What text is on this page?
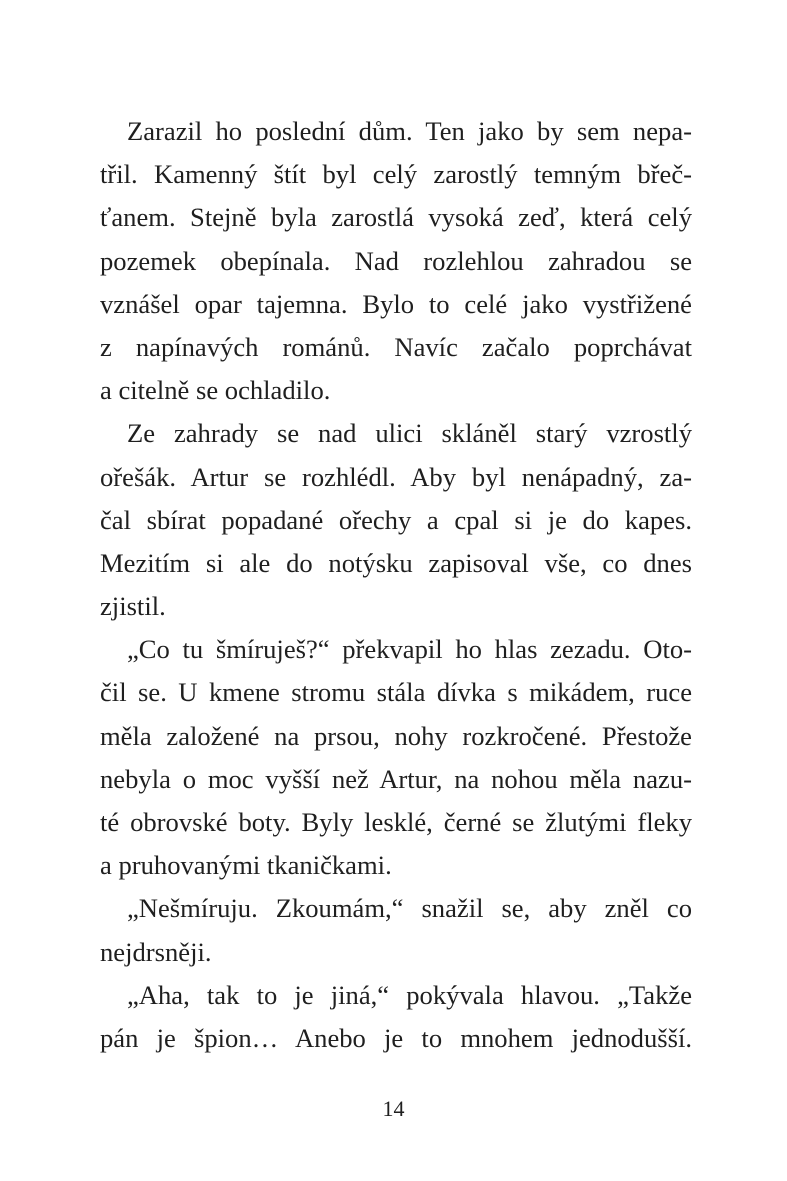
Zarazil ho poslední dům. Ten jako by sem nepa-
třil. Kamenný štít byl celý zarostlý temným břeč-
ťanem. Stejně byla zarostlá vysoká zeď, která celý
pozemek obepínala. Nad rozlehlou zahradou se
vznášel opar tajemna. Bylo to celé jako vystřižené
z napínavých románů. Navíc začalo poprchávat
a citelně se ochladilo.
Ze zahrady se nad ulici skláněl starý vzrostlý
ořešák. Artur se rozhlédl. Aby byl nenápadný, za-
čal sbírat popadané ořechy a cpal si je do kapes.
Mezitím si ale do notýsku zapisoval vše, co dnes
zjistil.
„Co tu šmíruješ?“ překvapil ho hlas zezadu. Oto-
čil se. U kmene stromu stála dívka s mikádem, ruce
měla založené na prsou, nohy rozkročené. Přestože
nebyla o moc vyšší než Artur, na nohou měla nazu-
té obrovské boty. Byly lesklé, černé se žlutými fleky
a pruhovanými tkaničkami.
„Nešmíruju. Zkoumám,“ snažil se, aby zněl co
nejdrsněji.
„Aha, tak to je jiná,“ pokývala hlavou. „Takže
pán je špion… Anebo je to mnohem jednodušší.
14
